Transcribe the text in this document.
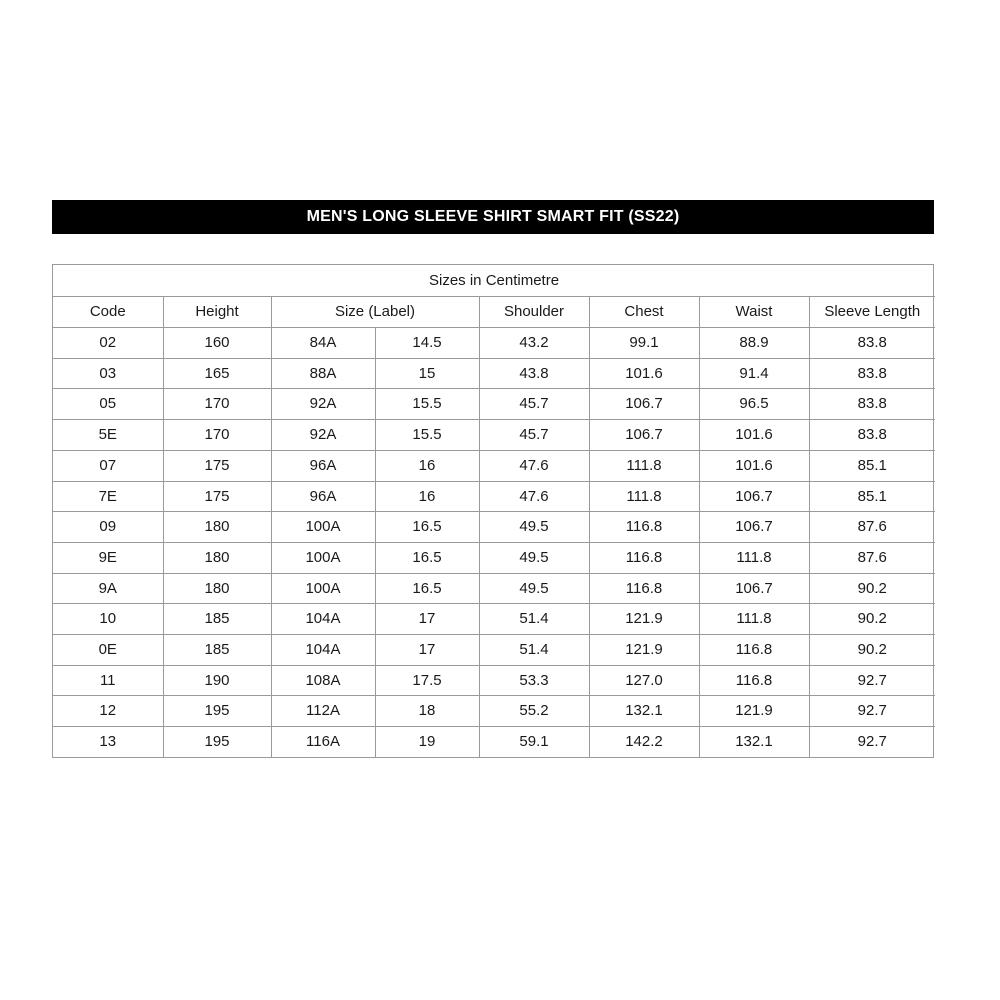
MEN'S LONG SLEEVE SHIRT SMART FIT (SS22)
Sizes in Centimetre							
Code	Height	Size (Label)		Shoulder	Chest	Waist	Sleeve Length
02	160	84A	14.5	43.2	99.1	88.9	83.8
03	165	88A	15	43.8	101.6	91.4	83.8
05	170	92A	15.5	45.7	106.7	96.5	83.8
5E	170	92A	15.5	45.7	106.7	101.6	83.8
07	175	96A	16	47.6	111.8	101.6	85.1
7E	175	96A	16	47.6	111.8	106.7	85.1
09	180	100A	16.5	49.5	116.8	106.7	87.6
9E	180	100A	16.5	49.5	116.8	111.8	87.6
9A	180	100A	16.5	49.5	116.8	106.7	90.2
10	185	104A	17	51.4	121.9	111.8	90.2
0E	185	104A	17	51.4	121.9	116.8	90.2
11	190	108A	17.5	53.3	127.0	116.8	92.7
12	195	112A	18	55.2	132.1	121.9	92.7
13	195	116A	19	59.1	142.2	132.1	92.7
